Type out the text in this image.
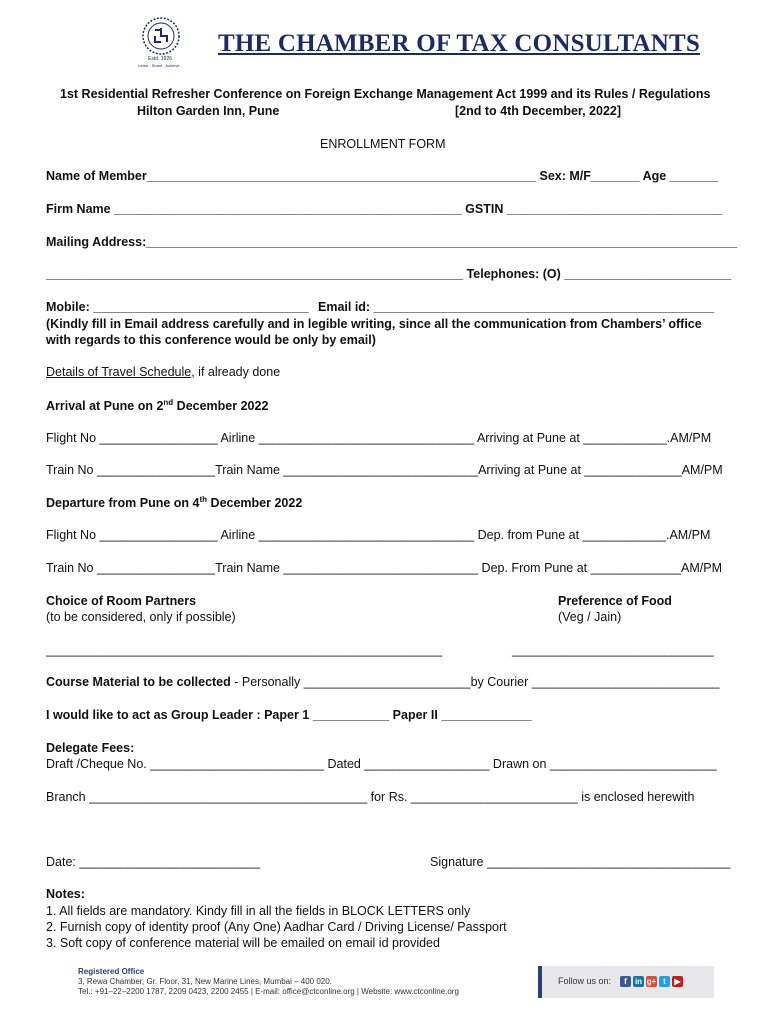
Estd. 1926
Learn . Share . Achieve
THE CHAMBER OF TAX CONSULTANTS
1st Residential Refresher Conference on Foreign Exchange Management Act 1999 and its Rules / Regulations
Hilton Garden Inn, Pune	[2nd to 4th December, 2022]
ENROLLMENT FORM
Name of Member________________________________________________________ Sex: M/F_______ Age _______
Firm Name __________________________________________________ GSTIN _______________________________
Mailing Address:_____________________________________________________________________________________
____________________________________________________________ Telephones: (O) ________________________
Mobile: _______________________________ Email id: _________________________________________________
(Kindly fill in Email address carefully and in legible writing, since all the communication from Chambers’ office
with regards to this conference would be only by email)
Details of Travel Schedule, if already done
Arrival at Pune on 2nd December 2022
Flight No _________________ Airline _______________________________ Arriving at Pune at ____________.AM/PM
Train No _________________Train Name ____________________________Arriving at Pune at ______________AM/PM
Departure from Pune on 4th December 2022
Flight No _________________ Airline _______________________________ Dep. from Pune at ____________.AM/PM
Train No _________________Train Name ____________________________ Dep. From Pune at _____________AM/PM
Choice of Room Partners
(to be considered, only if possible)
_________________________________________________________
Preference of Food
(Veg / Jain)
_____________________________
Course Material to be collected - Personally ________________________by Courier ___________________________
I would like to act as Group Leader : Paper 1 ___________ Paper II _____________
Delegate Fees:
Draft /Cheque No. _________________________ Dated __________________ Drawn on ________________________
Branch ________________________________________ for Rs. ________________________ is enclosed herewith
Date: __________________________	Signature ___________________________________
Notes:
1. All fields are mandatory. Kindy fill in all the fields in BLOCK LETTERS only
2. Furnish copy of identity proof (Any One) Aadhar Card / Driving License/ Passport
3. Soft copy of conference material will be emailed on email id provided
Registered Office
3, Rewa Chamber, Gr. Floor, 31, New Marine Lines, Mumbai – 400 020.
Tel.: +91–22–2200 1787, 2209 0423, 2200 2455 | E-mail: office@ctconline.org | Website: www.ctconline.org
Follow us on:	f	in g+ t	▶
